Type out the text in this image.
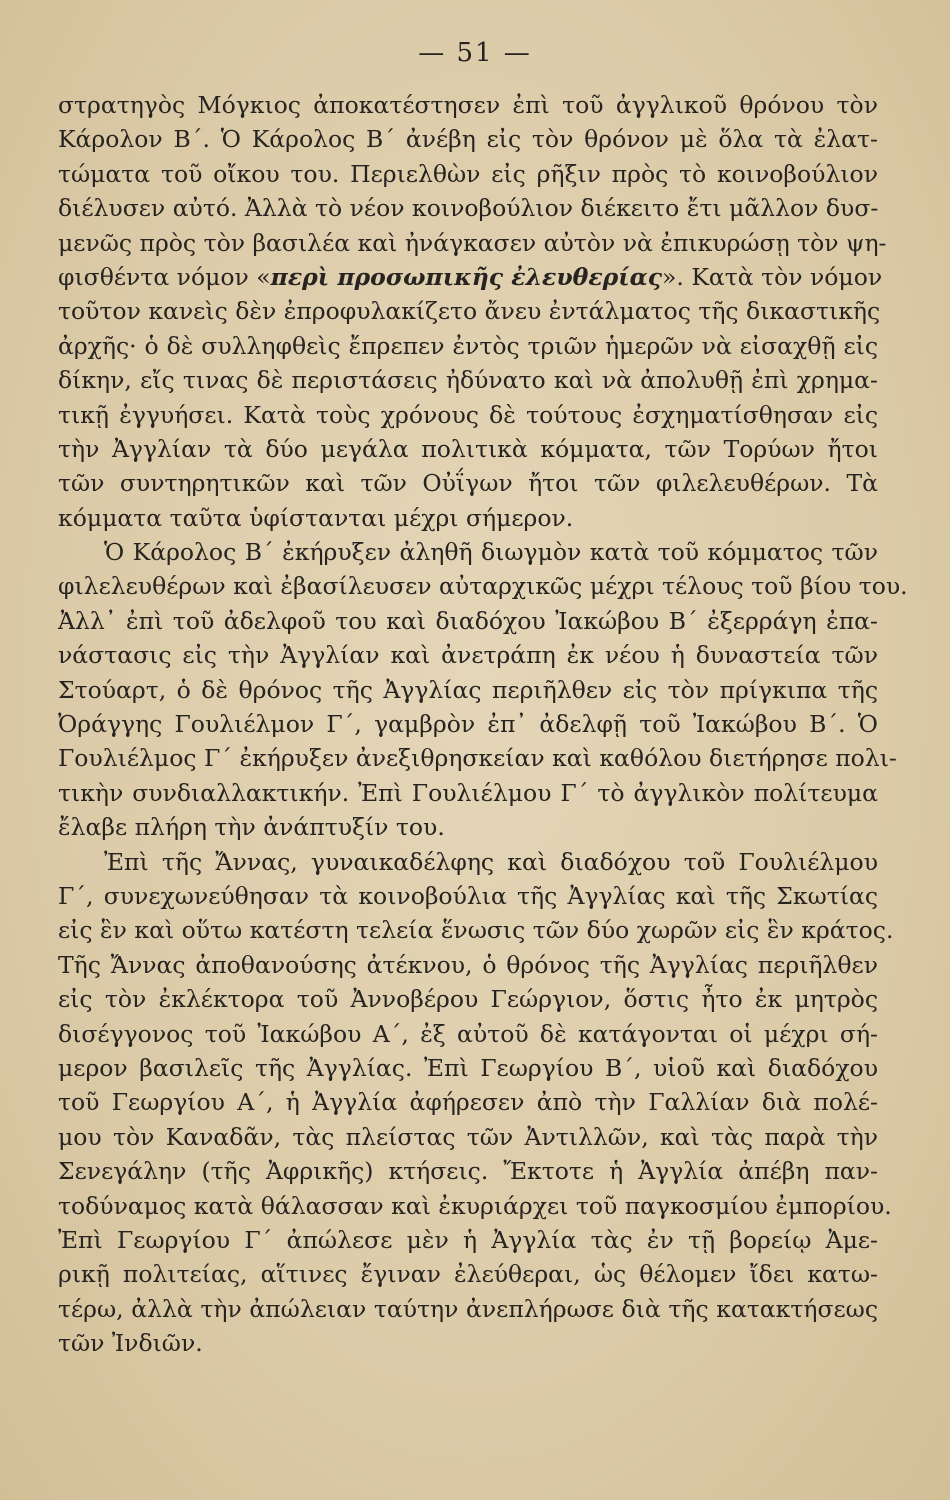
— 51 —
στρατηγὸς Μόγκιος ἀποκατέστησεν ἐπὶ τοῦ ἀγγλικοῦ θρόνου τὸν
Κάρολον Β΄. Ὁ Κάρολος Β΄ ἀνέβη εἰς τὸν θρόνον μὲ ὅλα τὰ ἐλατ-
τώματα τοῦ οἴκου του. Περιελθὼν εἰς ρῆξιν πρὸς τὸ κοινοβούλιον
διέλυσεν αὐτό. Ἀλλὰ τὸ νέον κοινοβούλιον διέκειτο ἔτι μᾶλλον δυσ-
μενῶς πρὸς τὸν βασιλέα καὶ ἠνάγκασεν αὐτὸν νὰ ἐπικυρώσῃ τὸν ψη-
φισθέντα νόμον «περὶ προσωπικῆς ἐλευθερίας». Κατὰ τὸν νόμον
τοῦτον κανεὶς δὲν ἐπροφυλακίζετο ἄνευ ἐντάλματος τῆς δικαστικῆς
ἀρχῆς· ὁ δὲ συλληφθεὶς ἔπρεπεν ἐντὸς τριῶν ἡμερῶν νὰ εἰσαχθῇ εἰς
δίκην, εἴς τινας δὲ περιστάσεις ἠδύνατο καὶ νὰ ἀπολυθῇ ἐπὶ χρημα-
τικῇ ἐγγυήσει. Κατὰ τοὺς χρόνους δὲ τούτους ἐσχηματίσθησαν εἰς
τὴν Ἀγγλίαν τὰ δύο μεγάλα πολιτικὰ κόμματα, τῶν Τορύων ἤτοι
τῶν συντηρητικῶν καὶ τῶν Οὐΐγων ἤτοι τῶν φιλελευθέρων. Τὰ
κόμματα ταῦτα ὑφίστανται μέχρι σήμερον.
Ὁ Κάρολος Β΄ ἐκήρυξεν ἀληθῆ διωγμὸν κατὰ τοῦ κόμματος τῶν
φιλελευθέρων καὶ ἐβασίλευσεν αὐταρχικῶς μέχρι τέλους τοῦ βίου του.
Ἀλλ᾿ ἐπὶ τοῦ ἀδελφοῦ του καὶ διαδόχου Ἰακώβου Β΄ ἐξερράγη ἐπα-
νάστασις εἰς τὴν Ἀγγλίαν καὶ ἀνετράπη ἐκ νέου ἡ δυναστεία τῶν
Στούαρτ, ὁ δὲ θρόνος τῆς Ἀγγλίας περιῆλθεν εἰς τὸν πρίγκιπα τῆς
Ὀράγγης Γουλιέλμον Γ΄, γαμβρὸν ἐπ᾿ ἀδελφῇ τοῦ Ἰακώβου Β΄. Ὁ
Γουλιέλμος Γ΄ ἐκήρυξεν ἀνεξιθρησκείαν καὶ καθόλου διετήρησε πολι-
τικὴν συνδιαλλακτικήν. Ἐπὶ Γουλιέλμου Γ΄ τὸ ἀγγλικὸν πολίτευμα
ἔλαβε πλήρη τὴν ἀνάπτυξίν του.
Ἐπὶ τῆς Ἄννας, γυναικαδέλφης καὶ διαδόχου τοῦ Γουλιέλμου
Γ΄, συνεχωνεύθησαν τὰ κοινοβούλια τῆς Ἀγγλίας καὶ τῆς Σκωτίας
εἰς ἓν καὶ οὕτω κατέστη τελεία ἕνωσις τῶν δύο χωρῶν εἰς ἓν κράτος.
Τῆς Ἄννας ἀποθανούσης ἀτέκνου, ὁ θρόνος τῆς Ἀγγλίας περιῆλθεν
εἰς τὸν ἐκλέκτορα τοῦ Ἀννοβέρου Γεώργιον, ὅστις ἦτο ἐκ μητρὸς
δισέγγονος τοῦ Ἰακώβου Α΄, ἐξ αὐτοῦ δὲ κατάγονται οἱ μέχρι σή-
μερον βασιλεῖς τῆς Ἀγγλίας. Ἐπὶ Γεωργίου Β΄, υἱοῦ καὶ διαδόχου
τοῦ Γεωργίου Α΄, ἡ Ἀγγλία ἀφήρεσεν ἀπὸ τὴν Γαλλίαν διὰ πολέ-
μου τὸν Καναδᾶν, τὰς πλείστας τῶν Ἀντιλλῶν, καὶ τὰς παρὰ τὴν
Σενεγάλην (τῆς Ἀφρικῆς) κτήσεις. Ἔκτοτε ἡ Ἀγγλία ἀπέβη παν-
τοδύναμος κατὰ θάλασσαν καὶ ἐκυριάρχει τοῦ παγκοσμίου ἐμπορίου.
Ἐπὶ Γεωργίου Γ΄ ἀπώλεσε μὲν ἡ Ἀγγλία τὰς ἐν τῇ βορείῳ Ἀμε-
ρικῇ πολιτείας, αἵτινες ἔγιναν ἐλεύθεραι, ὡς θέλομεν ἴδει κατω-
τέρω, ἀλλὰ τὴν ἀπώλειαν ταύτην ἀνεπλήρωσε διὰ τῆς κατακτήσεως
τῶν Ἰνδιῶν.
